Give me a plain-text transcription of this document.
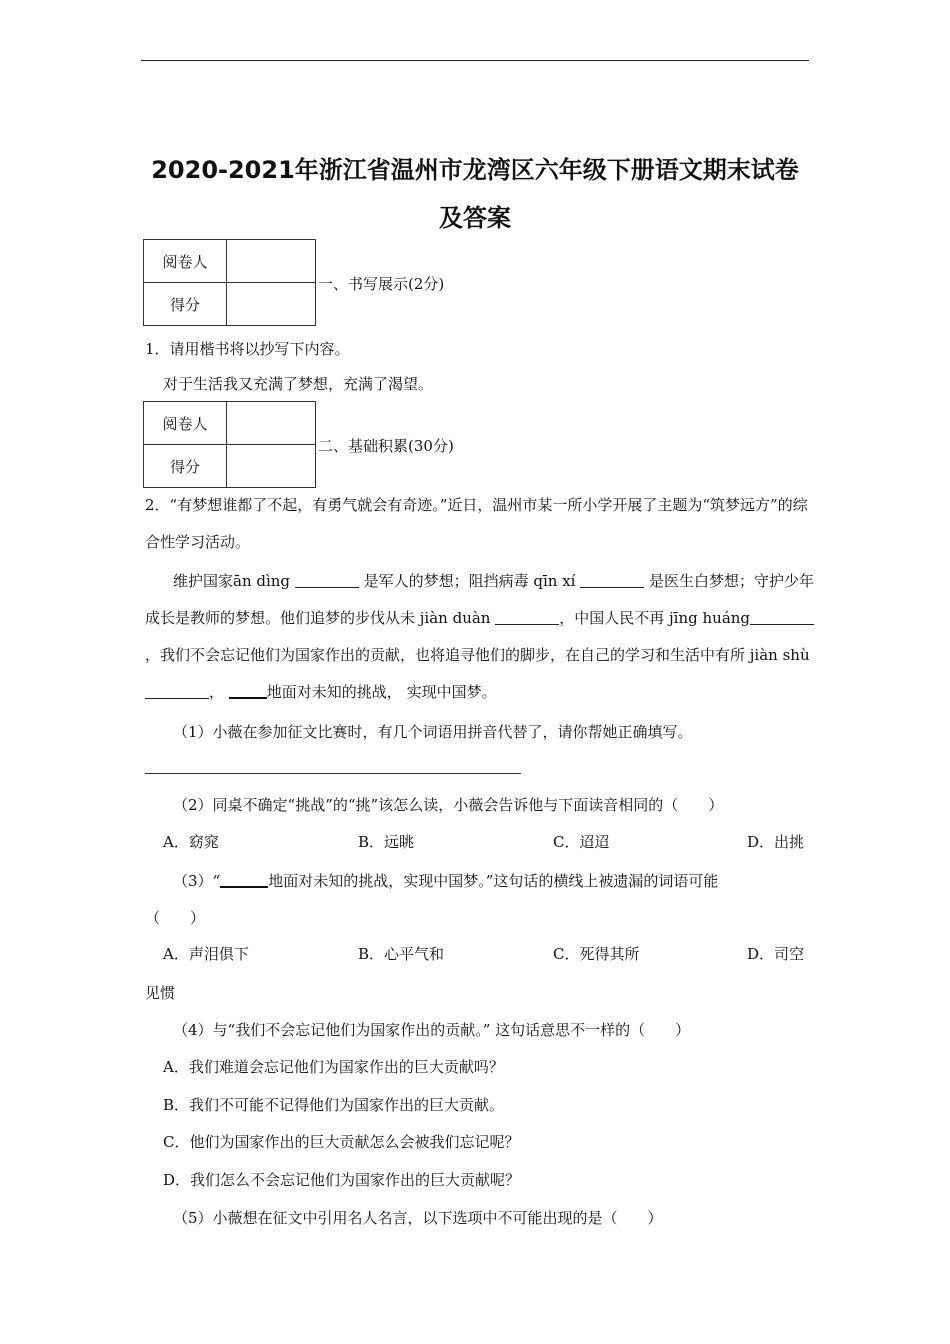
2020-2021年浙江省温州市龙湾区六年级下册语文期末试卷
及答案
阅卷人	
得分	
一、书写展示(2分)
1．请用楷书将以抄写下内容。
对于生活我又充满了梦想，充满了渴望。
阅卷人	
得分	
二、基础积累(30分)
2．“有梦想谁都了不起，有勇气就会有奇迹。”近日，温州市某一所小学开展了主题为“筑梦远方”的综合性学习活动。
维护国家ān dìng	是军人的梦想；阻挡病毒 qīn xí	是医生白梦想；守护少年成长是教师的梦想。他们追梦的步伐从未 jiàn duàn	，中国人民不再 jīng huáng ，我们不会忘记他们为国家作出的贡献，也将追寻他们的脚步，在自己的学习和生活中有所 jiàn shù ，	地面对未知的挑战， 实现中国梦。
（1）小薇在参加征文比赛时，有几个词语用拼音代替了，请你帮她正确填写。
（2）同桌不确定“挑战”的“挑”该怎么读，小薇会告诉他与下面读音相同的（　　）
A．窈窕	B．远眺	C．迢迢	D．出挑
（3）“	地面对未知的挑战，实现中国梦。”这句话的横线上被遗漏的词语可能
（　　）
A．声泪俱下	B．心平气和	C．死得其所	D．司空
见惯
（4）与“我们不会忘记他们为国家作出的贡献。” 这句话意思不一样的（　　）
A．我们难道会忘记他们为国家作出的巨大贡献吗？
B．我们不可能不记得他们为国家作出的巨大贡献。
C．他们为国家作出的巨大贡献怎么会被我们忘记呢？
D．我们怎么不会忘记他们为国家作出的巨大贡献呢？
（5）小薇想在征文中引用名人名言，以下选项中不可能出现的是（　　）
